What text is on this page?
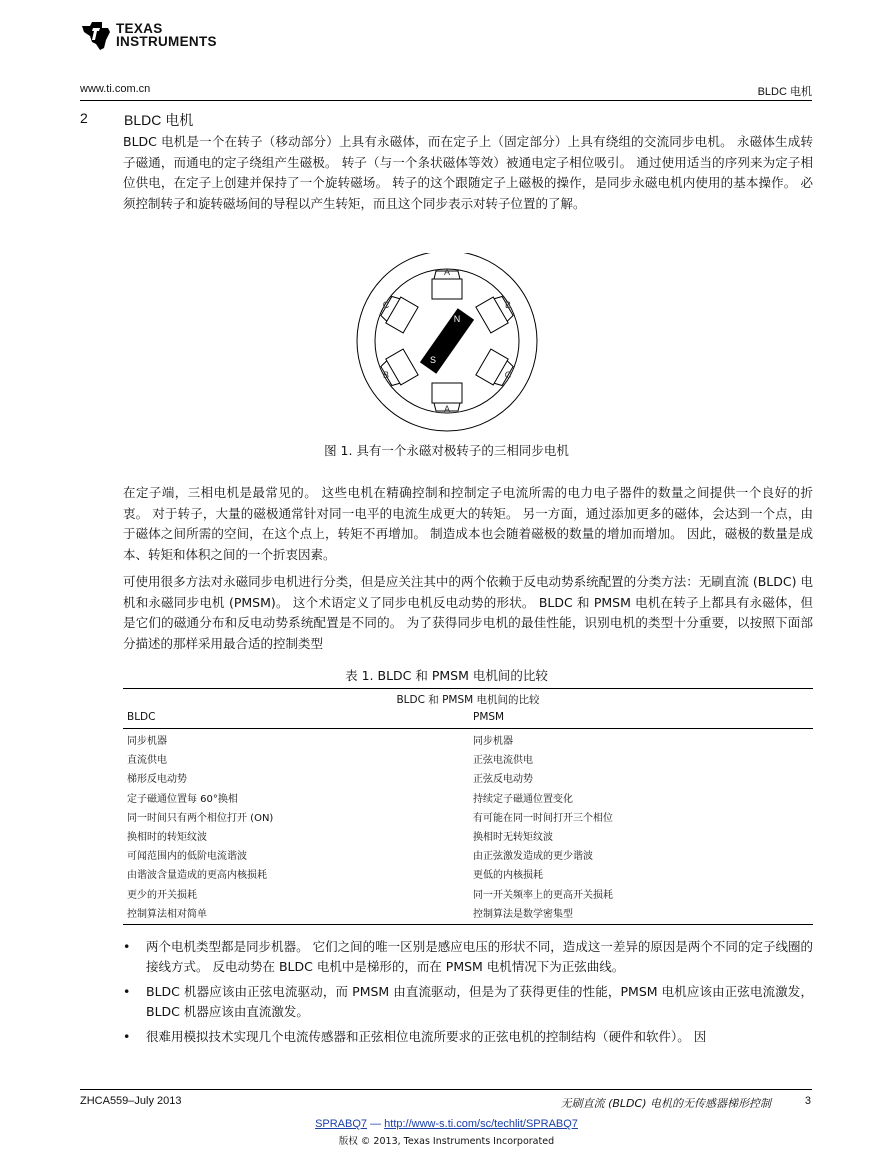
TEXAS
INSTRUMENTS
www.ti.com.cn	BLDC 电机
2	BLDC 电机
BLDC 电机是一个在转子（移动部分）上具有永磁体，而在定子上（固定部分）上具有绕组的交流同步电机。 永磁体生成转子磁通，而通电的定子绕组产生磁极。 转子（与一个条状磁体等效）被通电定子相位吸引。 通过使用适当的序列来为定子相位供电，在定子上创建并保持了一个旋转磁场。 转子的这个跟随定子上磁极的操作，是同步永磁电机内使用的基本操作。 必须控制转子和旋转磁场间的导程以产生转矩，而且这个同步表示对转子位置的了解。
A
A
B
B
C
C
N
S
图 1. 具有一个永磁对极转子的三相同步电机
在定子端，三相电机是最常见的。 这些电机在精确控制和控制定子电流所需的电力电子器件的数量之间提供一个良好的折衷。 对于转子，大量的磁极通常针对同一电平的电流生成更大的转矩。 另一方面，通过添加更多的磁体，会达到一个点，由于磁体之间所需的空间，在这个点上，转矩不再增加。 制造成本也会随着磁极的数量的增加而增加。 因此，磁极的数量是成本、转矩和体积之间的一个折衷因素。
可使用很多方法对永磁同步电机进行分类，但是应关注其中的两个依赖于反电动势系统配置的分类方法：无刷直流 (BLDC) 电机和永磁同步电机 (PMSM)。 这个术语定义了同步电机反电动势的形状。 BLDC 和 PMSM 电机在转子上都具有永磁体，但是它们的磁通分布和反电动势系统配置是不同的。 为了获得同步电机的最佳性能，识别电机的类型十分重要，以按照下面部分描述的那样采用最合适的控制类型
表 1. BLDC 和 PMSM 电机间的比较
BLDC 和 PMSM 电机间的比较
BLDC	PMSM
同步机器	同步机器
直流供电	正弦电流供电
梯形反电动势	正弦反电动势
定子磁通位置每 60°换相	持续定子磁通位置变化
同一时间只有两个相位打开 (ON)	有可能在同一时间打开三个相位
换相时的转矩纹波	换相时无转矩纹波
可闻范围内的低阶电流谐波	由正弦激发造成的更少谐波
由谐波含量造成的更高内核损耗	更低的内核损耗
更少的开关损耗	同一开关频率上的更高开关损耗
控制算法相对简单	控制算法是数学密集型
• 两个电机类型都是同步机器。 它们之间的唯一区别是感应电压的形状不同，造成这一差异的原因是两个不同的定子线圈的接线方式。 反电动势在 BLDC 电机中是梯形的，而在 PMSM 电机情况下为正弦曲线。
• BLDC 机器应该由正弦电流驱动，而 PMSM 由直流驱动，但是为了获得更佳的性能，PMSM 电机应该由正弦电流激发，BLDC 机器应该由直流激发。
• 很难用模拟技术实现几个电流传感器和正弦相位电流所要求的正弦电机的控制结构（硬件和软件）。 因
ZHCA559–July 2013	无刷直流 (BLDC) 电机的无传感器梯形控制	3
SPRABQ7 — http://www-s.ti.com/sc/techlit/SPRABQ7
版权 © 2013, Texas Instruments Incorporated
